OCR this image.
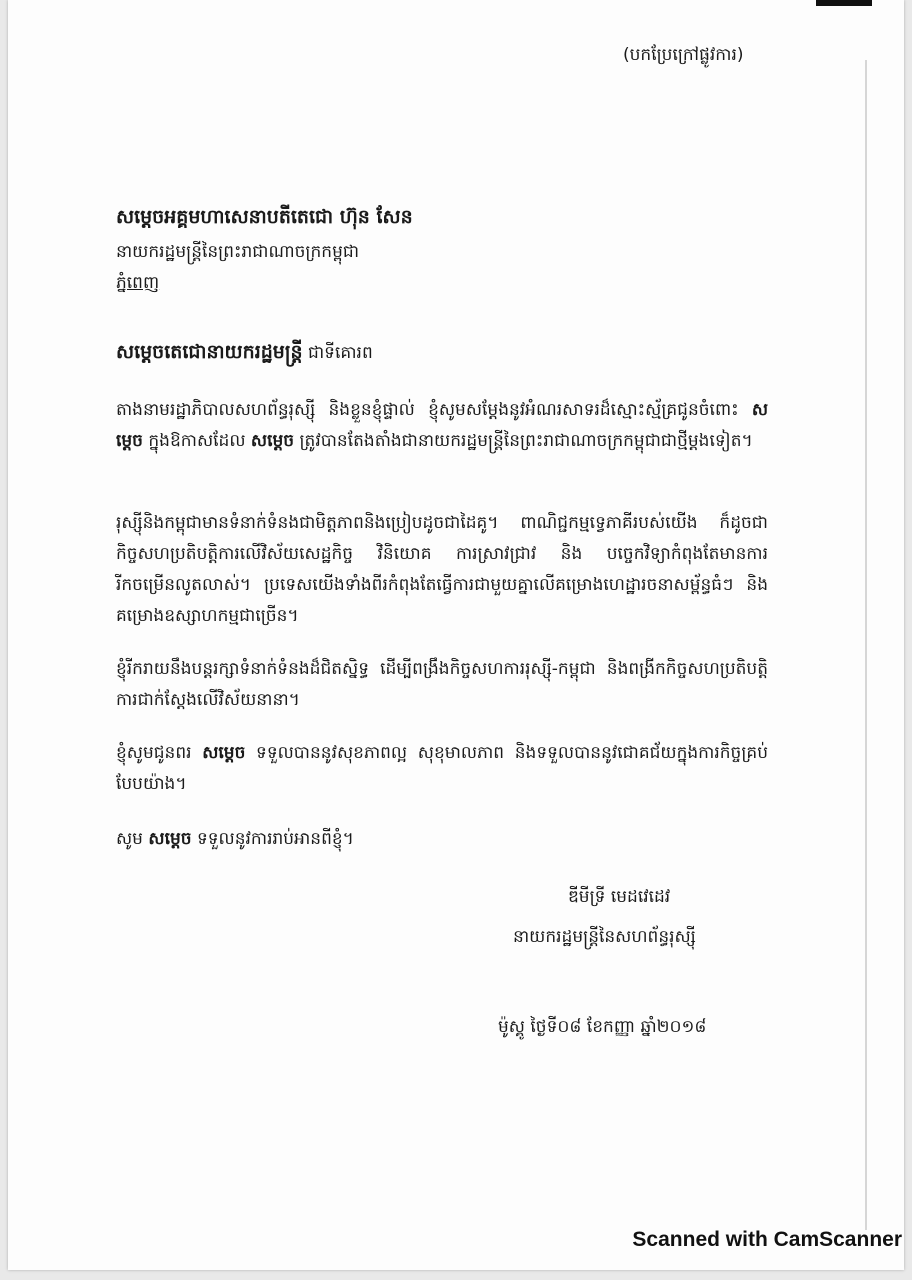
(បកប្រែក្រៅផ្លូវការ)

សម្តេចអគ្គមហាសេនាបតីតេជោ ហ៊ុន សែន

នាយករដ្ឋមន្ត្រីនៃព្រះរាជាណាចក្រកម្ពុជា

ភ្នំពេញ

សម្តេចតេជោនាយករដ្ឋមន្ត្រី ជាទីគោរព

តាងនាមរដ្ឋាភិបាលសហព័ន្ធរុស្ស៊ី និងខ្លួនខ្ញុំផ្ទាល់ ខ្ញុំសូមសម្តែងនូវអំណរសាទរដ៏ស្មោះស្ម័គ្រជូនចំពោះ សម្តេច ក្នុងឱកាសដែល សម្តេច ត្រូវបានតែងតាំងជានាយករដ្ឋមន្ត្រីនៃព្រះរាជាណាចក្រកម្ពុជាជាថ្មីម្តងទៀត។

រុស្ស៊ីនិងកម្ពុជាមានទំនាក់ទំនងជាមិត្តភាពនិងប្រៀបដូចជាដៃគូ។ ពាណិជ្ជកម្មទ្វេភាគីរបស់យើង ក៏ដូចជាកិច្ចសហប្រតិបត្តិការលើវិស័យសេដ្ឋកិច្ច វិនិយោគ ការស្រាវជ្រាវ និង បច្ចេកវិទ្យាកំពុងតែមានការរីកចម្រើនលូតលាស់។ ប្រទេសយើងទាំងពីរកំពុងតែធ្វើការជាមួយគ្នាលើគម្រោងហេដ្ឋារចនាសម្ព័ន្ធធំៗ និងគម្រោងឧស្សាហកម្មជាច្រើន។

ខ្ញុំរីករាយនឹងបន្តរក្សាទំនាក់ទំនងដ៏ជិតស្និទ្ធ ដើម្បីពង្រឹងកិច្ចសហការរុស្ស៊ី-កម្ពុជា និងពង្រីកកិច្ចសហប្រតិបត្តិការជាក់ស្តែងលើវិស័យនានា។

ខ្ញុំសូមជូនពរ សម្តេច ទទួលបាននូវសុខភាពល្អ សុខុមាលភាព និងទទួលបាននូវជោគជ័យក្នុងការកិច្ចគ្រប់បែបយ៉ាង។

សូម សម្តេច ទទួលនូវការរាប់អានពីខ្ញុំ។

ឌីមីទ្រី មេដវេដេវ

នាយករដ្ឋមន្ត្រីនៃសហព័ន្ធរុស្ស៊ី

ម៉ូស្គូ ថ្ងៃទី០៨ ខែកញ្ញា ឆ្នាំ២០១៨

Scanned with CamScanner
